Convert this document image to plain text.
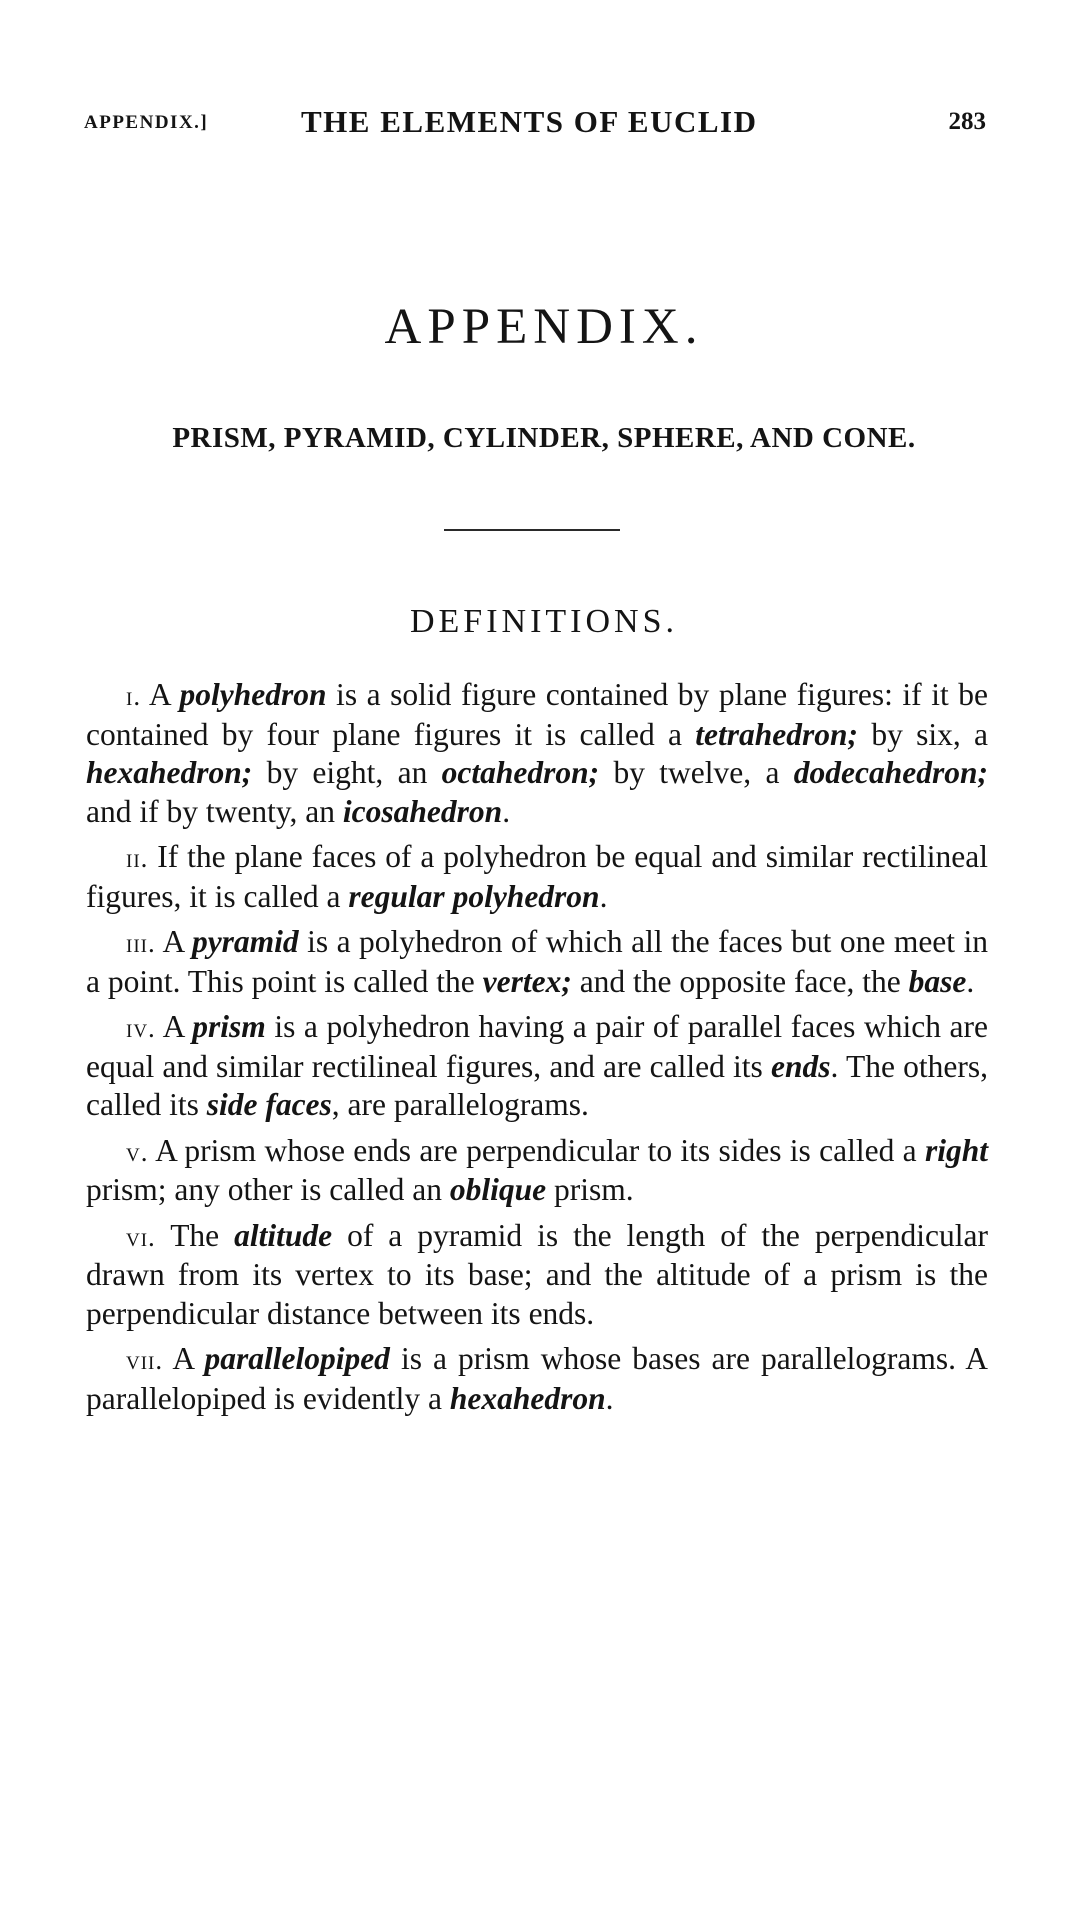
APPENDIX.]	THE ELEMENTS OF EUCLID	283
APPENDIX.
PRISM, PYRAMID, CYLINDER, SPHERE, AND CONE.
DEFINITIONS.

i. A polyhedron is a solid figure contained by plane figures: if it be contained by four plane figures it is called a tetrahedron; by six, a hexahedron; by eight, an octahedron; by twelve, a dodecahedron; and if by twenty, an icosahedron.

ii. If the plane faces of a polyhedron be equal and similar rectilineal figures, it is called a regular polyhedron.

iii. A pyramid is a polyhedron of which all the faces but one meet in a point. This point is called the vertex; and the opposite face, the base.

iv. A prism is a polyhedron having a pair of parallel faces which are equal and similar rectilineal figures, and are called its ends. The others, called its side faces, are parallelograms.

v. A prism whose ends are perpendicular to its sides is called a right prism; any other is called an oblique prism.

vi. The altitude of a pyramid is the length of the perpendicular drawn from its vertex to its base; and the altitude of a prism is the perpendicular distance between its ends.

vii. A parallelopiped is a prism whose bases are parallelograms. A parallelopiped is evidently a hexahedron.
